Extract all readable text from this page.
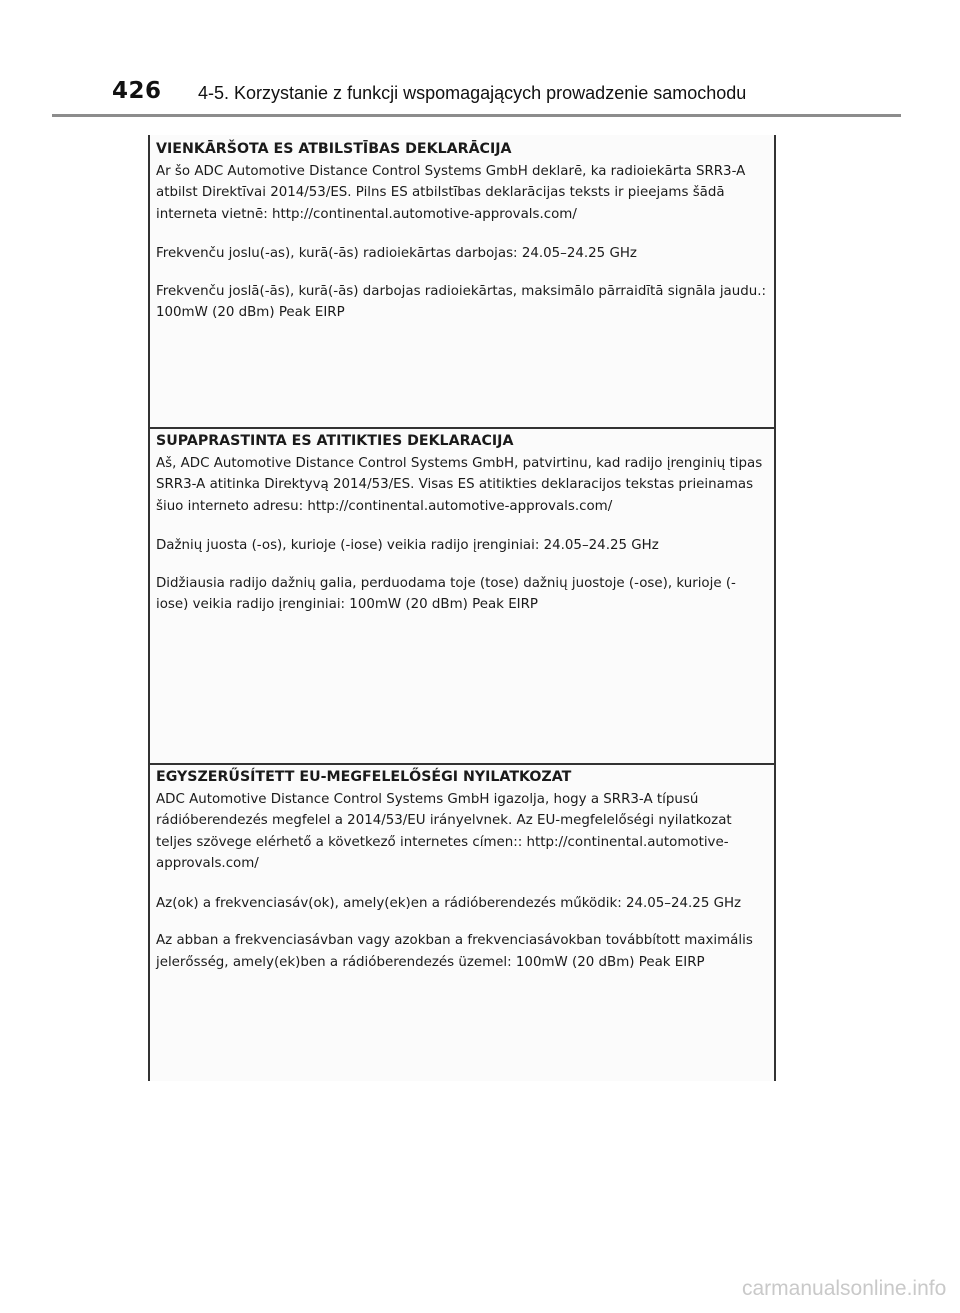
426 4-5. Korzystanie z funkcji wspomagających prowadzenie samochodu
VIENKĀRŠOTA ES ATBILSTĪBAS DEKLARĀCIJA

Ar šo ADC Automotive Distance Control Systems GmbH deklarē, ka radioiekārta SRR3-A atbilst Direktīvai 2014/53/ES. Pilns ES atbilstības deklarācijas teksts ir pieejams šādā interneta vietnē: http://continental.automotive-approvals.com/

Frekvenču joslu(-as), kurā(-ās) radioiekārtas darbojas: 24.05–24.25 GHz

Frekvenču joslā(-ās), kurā(-ās) darbojas radioiekārtas, maksimālo pārraidītā signāla jaudu.: 100mW (20 dBm) Peak EIRP

SUPAPRASTINTA ES ATITIKTIES DEKLARACIJA

Aš, ADC Automotive Distance Control Systems GmbH, patvirtinu, kad radijo įrenginių tipas SRR3-A atitinka Direktyvą 2014/53/ES. Visas ES atitikties deklaracijos tekstas prieinamas šiuo interneto adresu: http://continental.automotive-approvals.com/

Dažnių juosta (-os), kurioje (-iose) veikia radijo įrenginiai: 24.05–24.25 GHz

Didžiausia radijo dažnių galia, perduodama toje (tose) dažnių juostoje (-ose), kurioje (-iose) veikia radijo įrenginiai: 100mW (20 dBm) Peak EIRP

EGYSZERŰSÍTETT EU-MEGFELELŐSÉGI NYILATKOZAT

ADC Automotive Distance Control Systems GmbH igazolja, hogy a SRR3-A típusú rádióberendezés megfelel a 2014/53/EU irányelvnek. Az EU-megfelelőségi nyilatkozat teljes szövege elérhető a következő internetes címen:: http://continental.automotive-approvals.com/

Az(ok) a frekvenciasáv(ok), amely(ek)en a rádióberendezés működik: 24.05–24.25 GHz

Az abban a frekvenciasávban vagy azokban a frekvenciasávokban továbbított maximális jelerősség, amely(ek)ben a rádióberendezés üzemel: 100mW (20 dBm) Peak EIRP

carmanualsonline.info
